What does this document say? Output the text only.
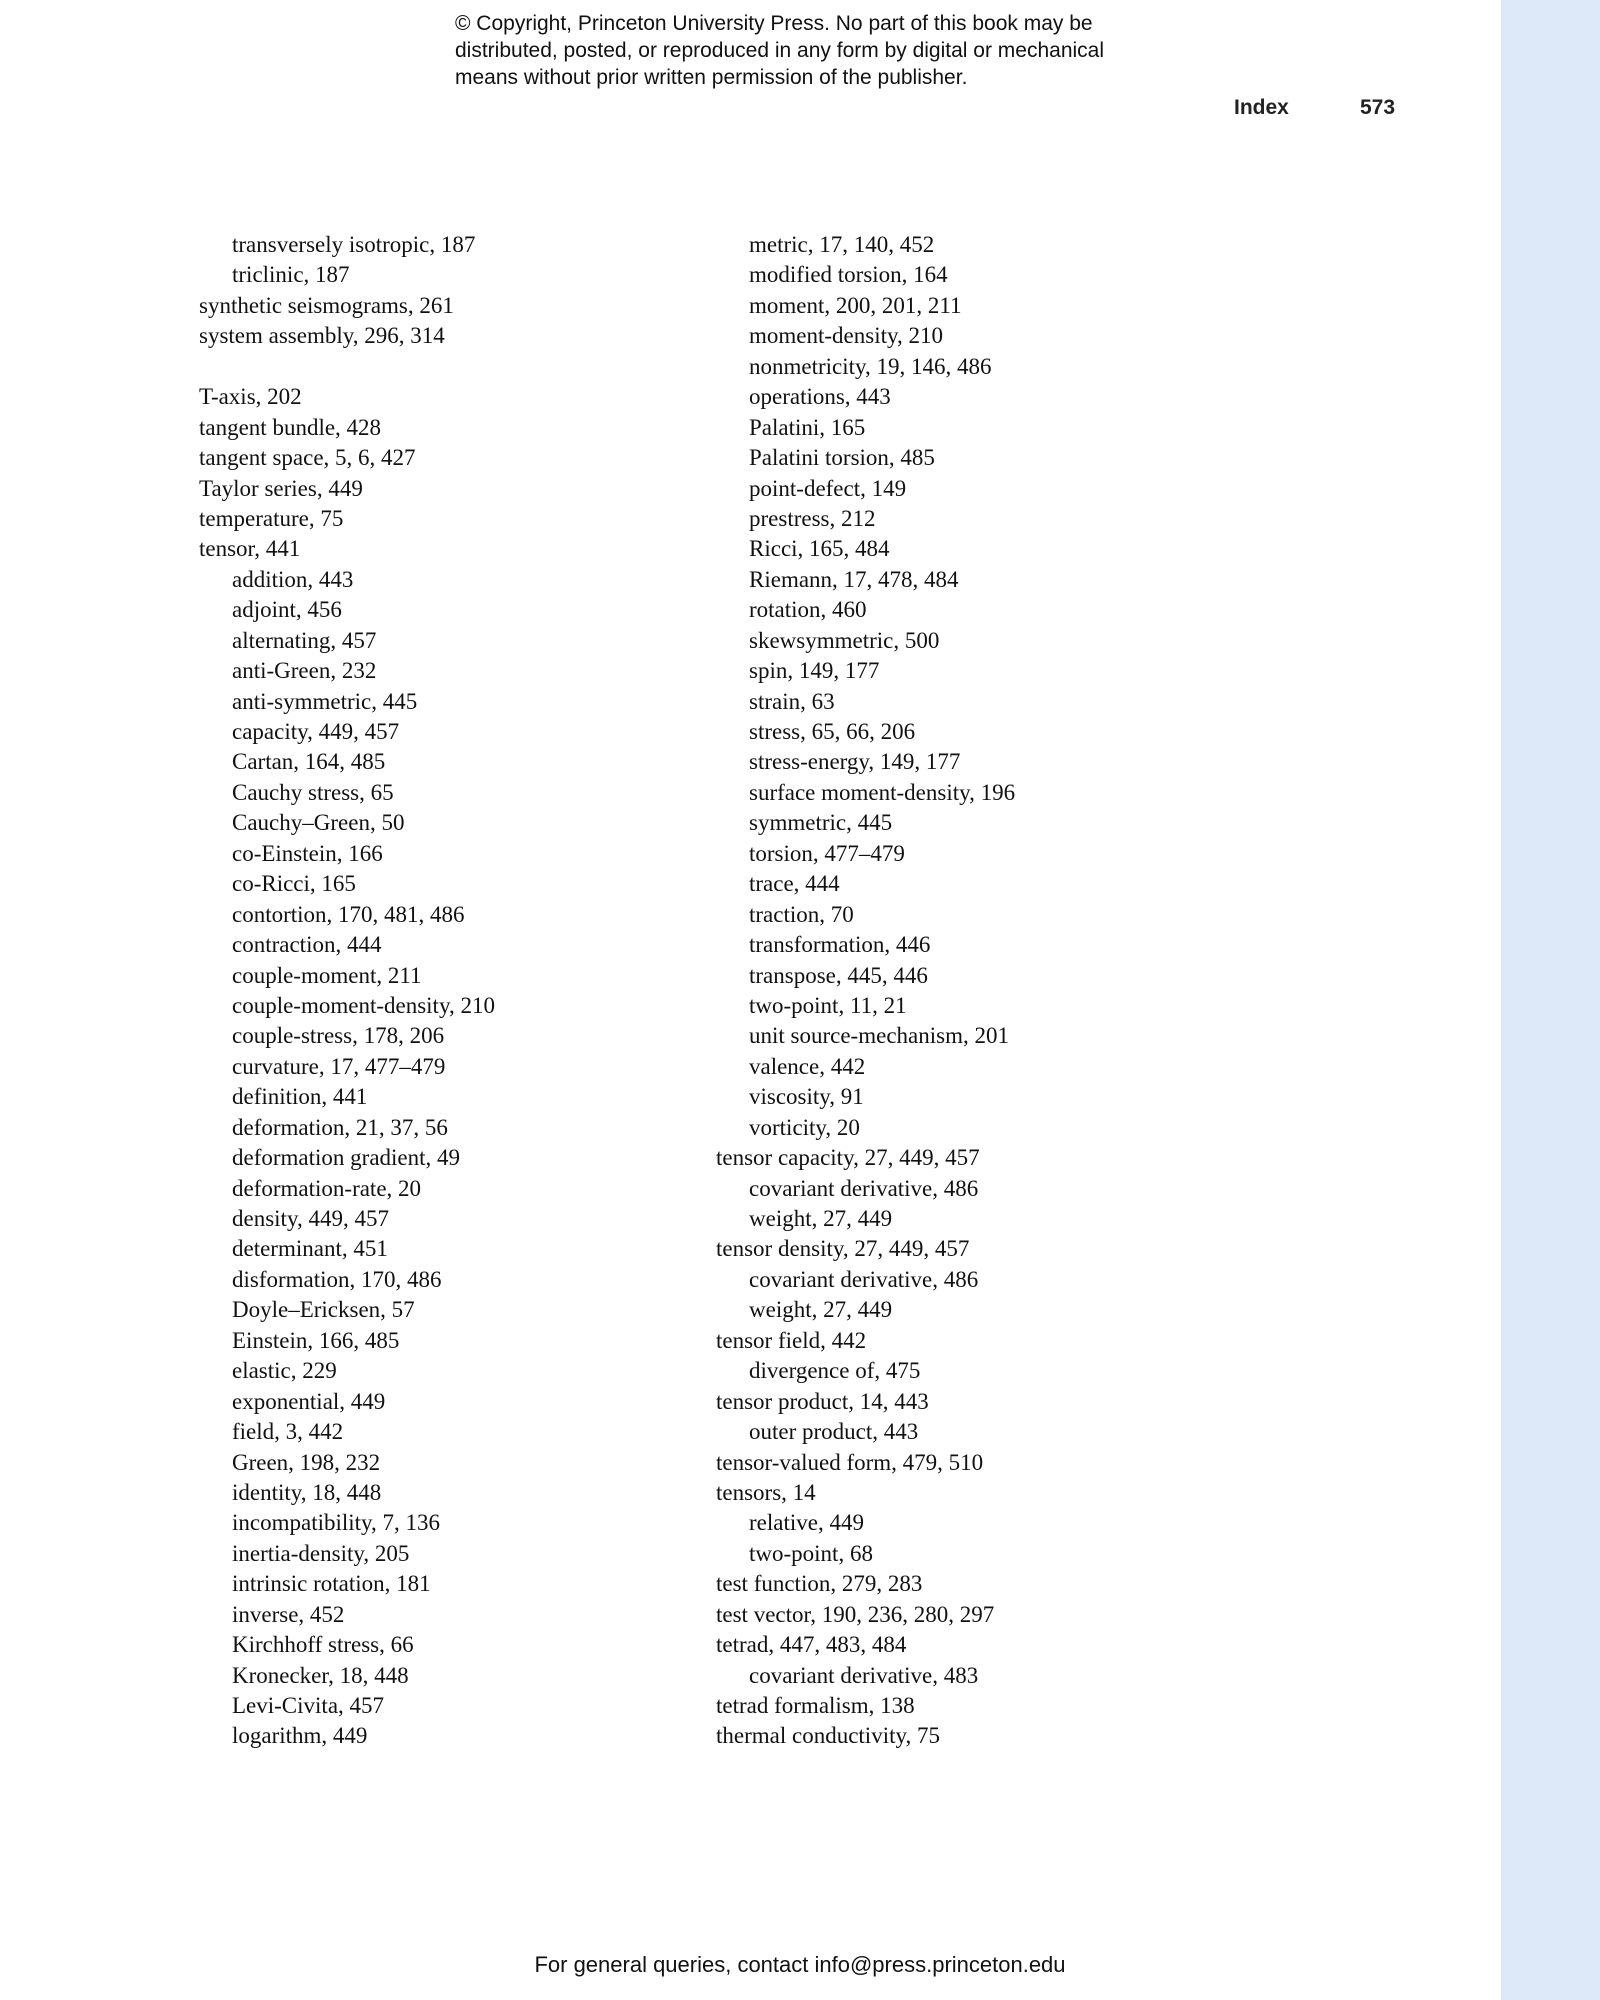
© Copyright, Princeton University Press. No part of this book may be
distributed, posted, or reproduced in any form by digital or mechanical
means without prior written permission of the publisher.
Index	573
transversely isotropic, 187
triclinic, 187
synthetic seismograms, 261
system assembly, 296, 314
T-axis, 202
tangent bundle, 428
tangent space, 5, 6, 427
Taylor series, 449
temperature, 75
tensor, 441
addition, 443
adjoint, 456
alternating, 457
anti-Green, 232
anti-symmetric, 445
capacity, 449, 457
Cartan, 164, 485
Cauchy stress, 65
Cauchy–Green, 50
co-Einstein, 166
co-Ricci, 165
contortion, 170, 481, 486
contraction, 444
couple-moment, 211
couple-moment-density, 210
couple-stress, 178, 206
curvature, 17, 477–479
definition, 441
deformation, 21, 37, 56
deformation gradient, 49
deformation-rate, 20
density, 449, 457
determinant, 451
disformation, 170, 486
Doyle–Ericksen, 57
Einstein, 166, 485
elastic, 229
exponential, 449
field, 3, 442
Green, 198, 232
identity, 18, 448
incompatibility, 7, 136
inertia-density, 205
intrinsic rotation, 181
inverse, 452
Kirchhoff stress, 66
Kronecker, 18, 448
Levi-Civita, 457
logarithm, 449
metric, 17, 140, 452
modified torsion, 164
moment, 200, 201, 211
moment-density, 210
nonmetricity, 19, 146, 486
operations, 443
Palatini, 165
Palatini torsion, 485
point-defect, 149
prestress, 212
Ricci, 165, 484
Riemann, 17, 478, 484
rotation, 460
skewsymmetric, 500
spin, 149, 177
strain, 63
stress, 65, 66, 206
stress-energy, 149, 177
surface moment-density, 196
symmetric, 445
torsion, 477–479
trace, 444
traction, 70
transformation, 446
transpose, 445, 446
two-point, 11, 21
unit source-mechanism, 201
valence, 442
viscosity, 91
vorticity, 20
tensor capacity, 27, 449, 457
covariant derivative, 486
weight, 27, 449
tensor density, 27, 449, 457
covariant derivative, 486
weight, 27, 449
tensor field, 442
divergence of, 475
tensor product, 14, 443
outer product, 443
tensor-valued form, 479, 510
tensors, 14
relative, 449
two-point, 68
test function, 279, 283
test vector, 190, 236, 280, 297
tetrad, 447, 483, 484
covariant derivative, 483
tetrad formalism, 138
thermal conductivity, 75
For general queries, contact info@press.princeton.edu
